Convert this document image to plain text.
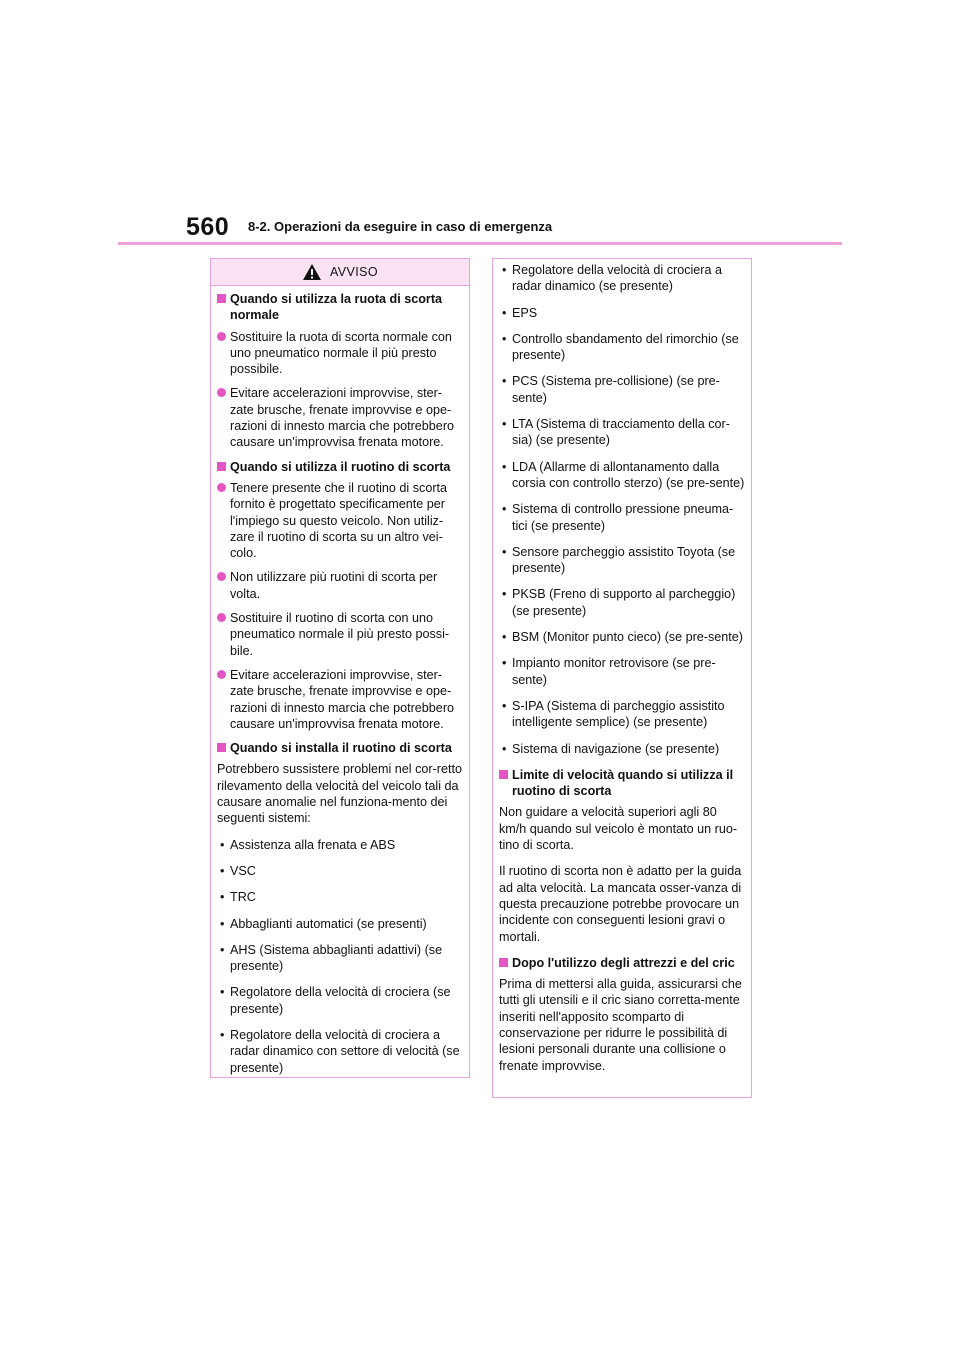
560 8-2. Operazioni da eseguire in caso di emergenza
AVVISO
Quando si utilizza la ruota di scorta normale
Sostituire la ruota di scorta normale con uno pneumatico normale il più presto possibile.
Evitare accelerazioni improvvise, ster-zate brusche, frenate improvvise e ope-razioni di innesto marcia che potrebbero causare un'improvvisa frenata motore.
Quando si utilizza il ruotino di scorta
Tenere presente che il ruotino di scorta fornito è progettato specificamente per l'impiego su questo veicolo. Non utiliz-zare il ruotino di scorta su un altro vei-colo.
Non utilizzare più ruotini di scorta per volta.
Sostituire il ruotino di scorta con uno pneumatico normale il più presto possi-bile.
Evitare accelerazioni improvvise, ster-zate brusche, frenate improvvise e ope-razioni di innesto marcia che potrebbero causare un'improvvisa frenata motore.
Quando si installa il ruotino di scorta
Potrebbero sussistere problemi nel cor-retto rilevamento della velocità del veicolo tali da causare anomalie nel funziona-mento dei seguenti sistemi:
• Assistenza alla frenata e ABS
• VSC
• TRC
• Abbaglianti automatici (se presenti)
• AHS (Sistema abbaglianti adattivi) (se presente)
• Regolatore della velocità di crociera (se presente)
• Regolatore della velocità di crociera a radar dinamico con settore di velocità (se presente)
• Regolatore della velocità di crociera a radar dinamico (se presente)
• EPS
• Controllo sbandamento del rimorchio (se presente)
• PCS (Sistema pre-collisione) (se pre-sente)
• LTA (Sistema di tracciamento della cor-sia) (se presente)
• LDA (Allarme di allontanamento dalla corsia con controllo sterzo) (se pre-sente)
• Sistema di controllo pressione pneuma-tici (se presente)
• Sensore parcheggio assistito Toyota (se presente)
• PKSB (Freno di supporto al parcheggio) (se presente)
• BSM (Monitor punto cieco) (se pre-sente)
• Impianto monitor retrovisore (se pre-sente)
• S-IPA (Sistema di parcheggio assistito intelligente semplice) (se presente)
• Sistema di navigazione (se presente)
Limite di velocità quando si utilizza il ruotino di scorta
Non guidare a velocità superiori agli 80 km/h quando sul veicolo è montato un ruo-tino di scorta.
Il ruotino di scorta non è adatto per la guida ad alta velocità. La mancata osser-vanza di questa precauzione potrebbe provocare un incidente con conseguenti lesioni gravi o mortali.
Dopo l'utilizzo degli attrezzi e del cric
Prima di mettersi alla guida, assicurarsi che tutti gli utensili e il cric siano corretta-mente inseriti nell'apposito scomparto di conservazione per ridurre le possibilità di lesioni personali durante una collisione o frenate improvvise.
